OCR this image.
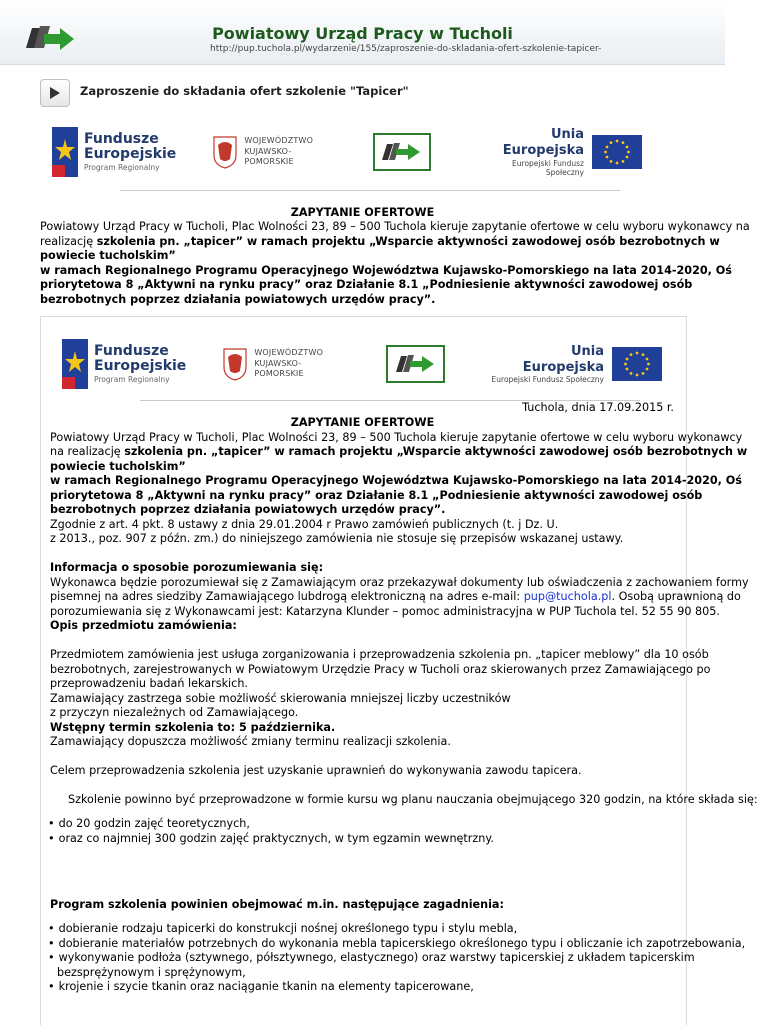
Powiatowy Urząd Pracy w Tucholi
http://pup.tuchola.pl/wydarzenie/155/zaproszenie-do-skladania-ofert-szkolenie-tapicer-
Zaproszenie do składania ofert szkolenie "Tapicer"
Fundusze
Europejskie
Program Regionalny
WOJEWÓDZTWO
KUJAWSKO-POMORSKIE
Unia Europejska
Europejski Fundusz Społeczny
ZAPYTANIE OFERTOWE
Powiatowy Urząd Pracy w Tucholi, Plac Wolności 23, 89 – 500 Tuchola kieruje zapytanie ofertowe w celu wyboru wykonawcy na
realizację szkolenia pn. „tapicer” w ramach projektu „Wsparcie aktywności zawodowej osób bezrobotnych w
powiecie tucholskim”
w ramach Regionalnego Programu Operacyjnego Województwa Kujawsko-Pomorskiego na lata 2014-2020, Oś
priorytetowa 8 „Aktywni na rynku pracy” oraz Działanie 8.1 „Podniesienie aktywności zawodowej osób
bezrobotnych poprzez działania powiatowych urzędów pracy”.
Fundusze
Europejskie
Program Regionalny
WOJEWÓDZTWO
KUJAWSKO-POMORSKIE
Unia Europejska
Europejski Fundusz Społeczny
Tuchola, dnia 17.09.2015 r.
ZAPYTANIE OFERTOWE
Powiatowy Urząd Pracy w Tucholi, Plac Wolności 23, 89 – 500 Tuchola kieruje zapytanie ofertowe w celu wyboru wykonawcy
na realizację szkolenia pn. „tapicer” w ramach projektu „Wsparcie aktywności zawodowej osób bezrobotnych w
powiecie tucholskim”
w ramach Regionalnego Programu Operacyjnego Województwa Kujawsko-Pomorskiego na lata 2014-2020, Oś
priorytetowa 8 „Aktywni na rynku pracy” oraz Działanie 8.1 „Podniesienie aktywności zawodowej osób
bezrobotnych poprzez działania powiatowych urzędów pracy”.
Zgodnie z art. 4 pkt. 8 ustawy z dnia 29.01.2004 r Prawo zamówień publicznych (t. j Dz. U.
z 2013., poz. 907 z późn. zm.) do niniejszego zamówienia nie stosuje się przepisów wskazanej ustawy.
Informacja o sposobie porozumiewania się:
Wykonawca będzie porozumiewał się z Zamawiającym oraz przekazywał dokumenty lub oświadczenia z zachowaniem formy
pisemnej na adres siedziby Zamawiającego lubdrogą elektroniczną na adres e-mail: pup@tuchola.pl. Osobą uprawnioną do
porozumiewania się z Wykonawcami jest: Katarzyna Klunder – pomoc administracyjna w PUP Tuchola tel. 52 55 90 805.
Opis przedmiotu zamówienia:
Przedmiotem zamówienia jest usługa zorganizowania i przeprowadzenia szkolenia pn. „tapicer meblowy” dla 10 osób
bezrobotnych, zarejestrowanych w Powiatowym Urzędzie Pracy w Tucholi oraz skierowanych przez Zamawiającego po
przeprowadzeniu badań lekarskich.
Zamawiający zastrzega sobie możliwość skierowania mniejszej liczby uczestników
z przyczyn niezależnych od Zamawiającego.
Wstępny termin szkolenia to: 5 października.
Zamawiający dopuszcza możliwość zmiany terminu realizacji szkolenia.
Celem przeprowadzenia szkolenia jest uzyskanie uprawnień do wykonywania zawodu tapicera.
Szkolenie powinno być przeprowadzone w formie kursu wg planu nauczania obejmującego 320 godzin, na które składa się:
• do 20 godzin zajęć teoretycznych,
• oraz co najmniej 300 godzin zajęć praktycznych, w tym egzamin wewnętrzny.
Program szkolenia powinien obejmować m.in. następujące zagadnienia:
• dobieranie rodzaju tapicerki do konstrukcji nośnej określonego typu i stylu mebla,
• dobieranie materiałów potrzebnych do wykonania mebla tapicerskiego określonego typu i obliczanie ich zapotrzebowania,
• wykonywanie podłoża (sztywnego, półsztywnego, elastycznego) oraz warstwy tapicerskiej z układem tapicerskim
bezsprężynowym i sprężynowym,
• krojenie i szycie tkanin oraz naciąganie tkanin na elementy tapicerowane,
